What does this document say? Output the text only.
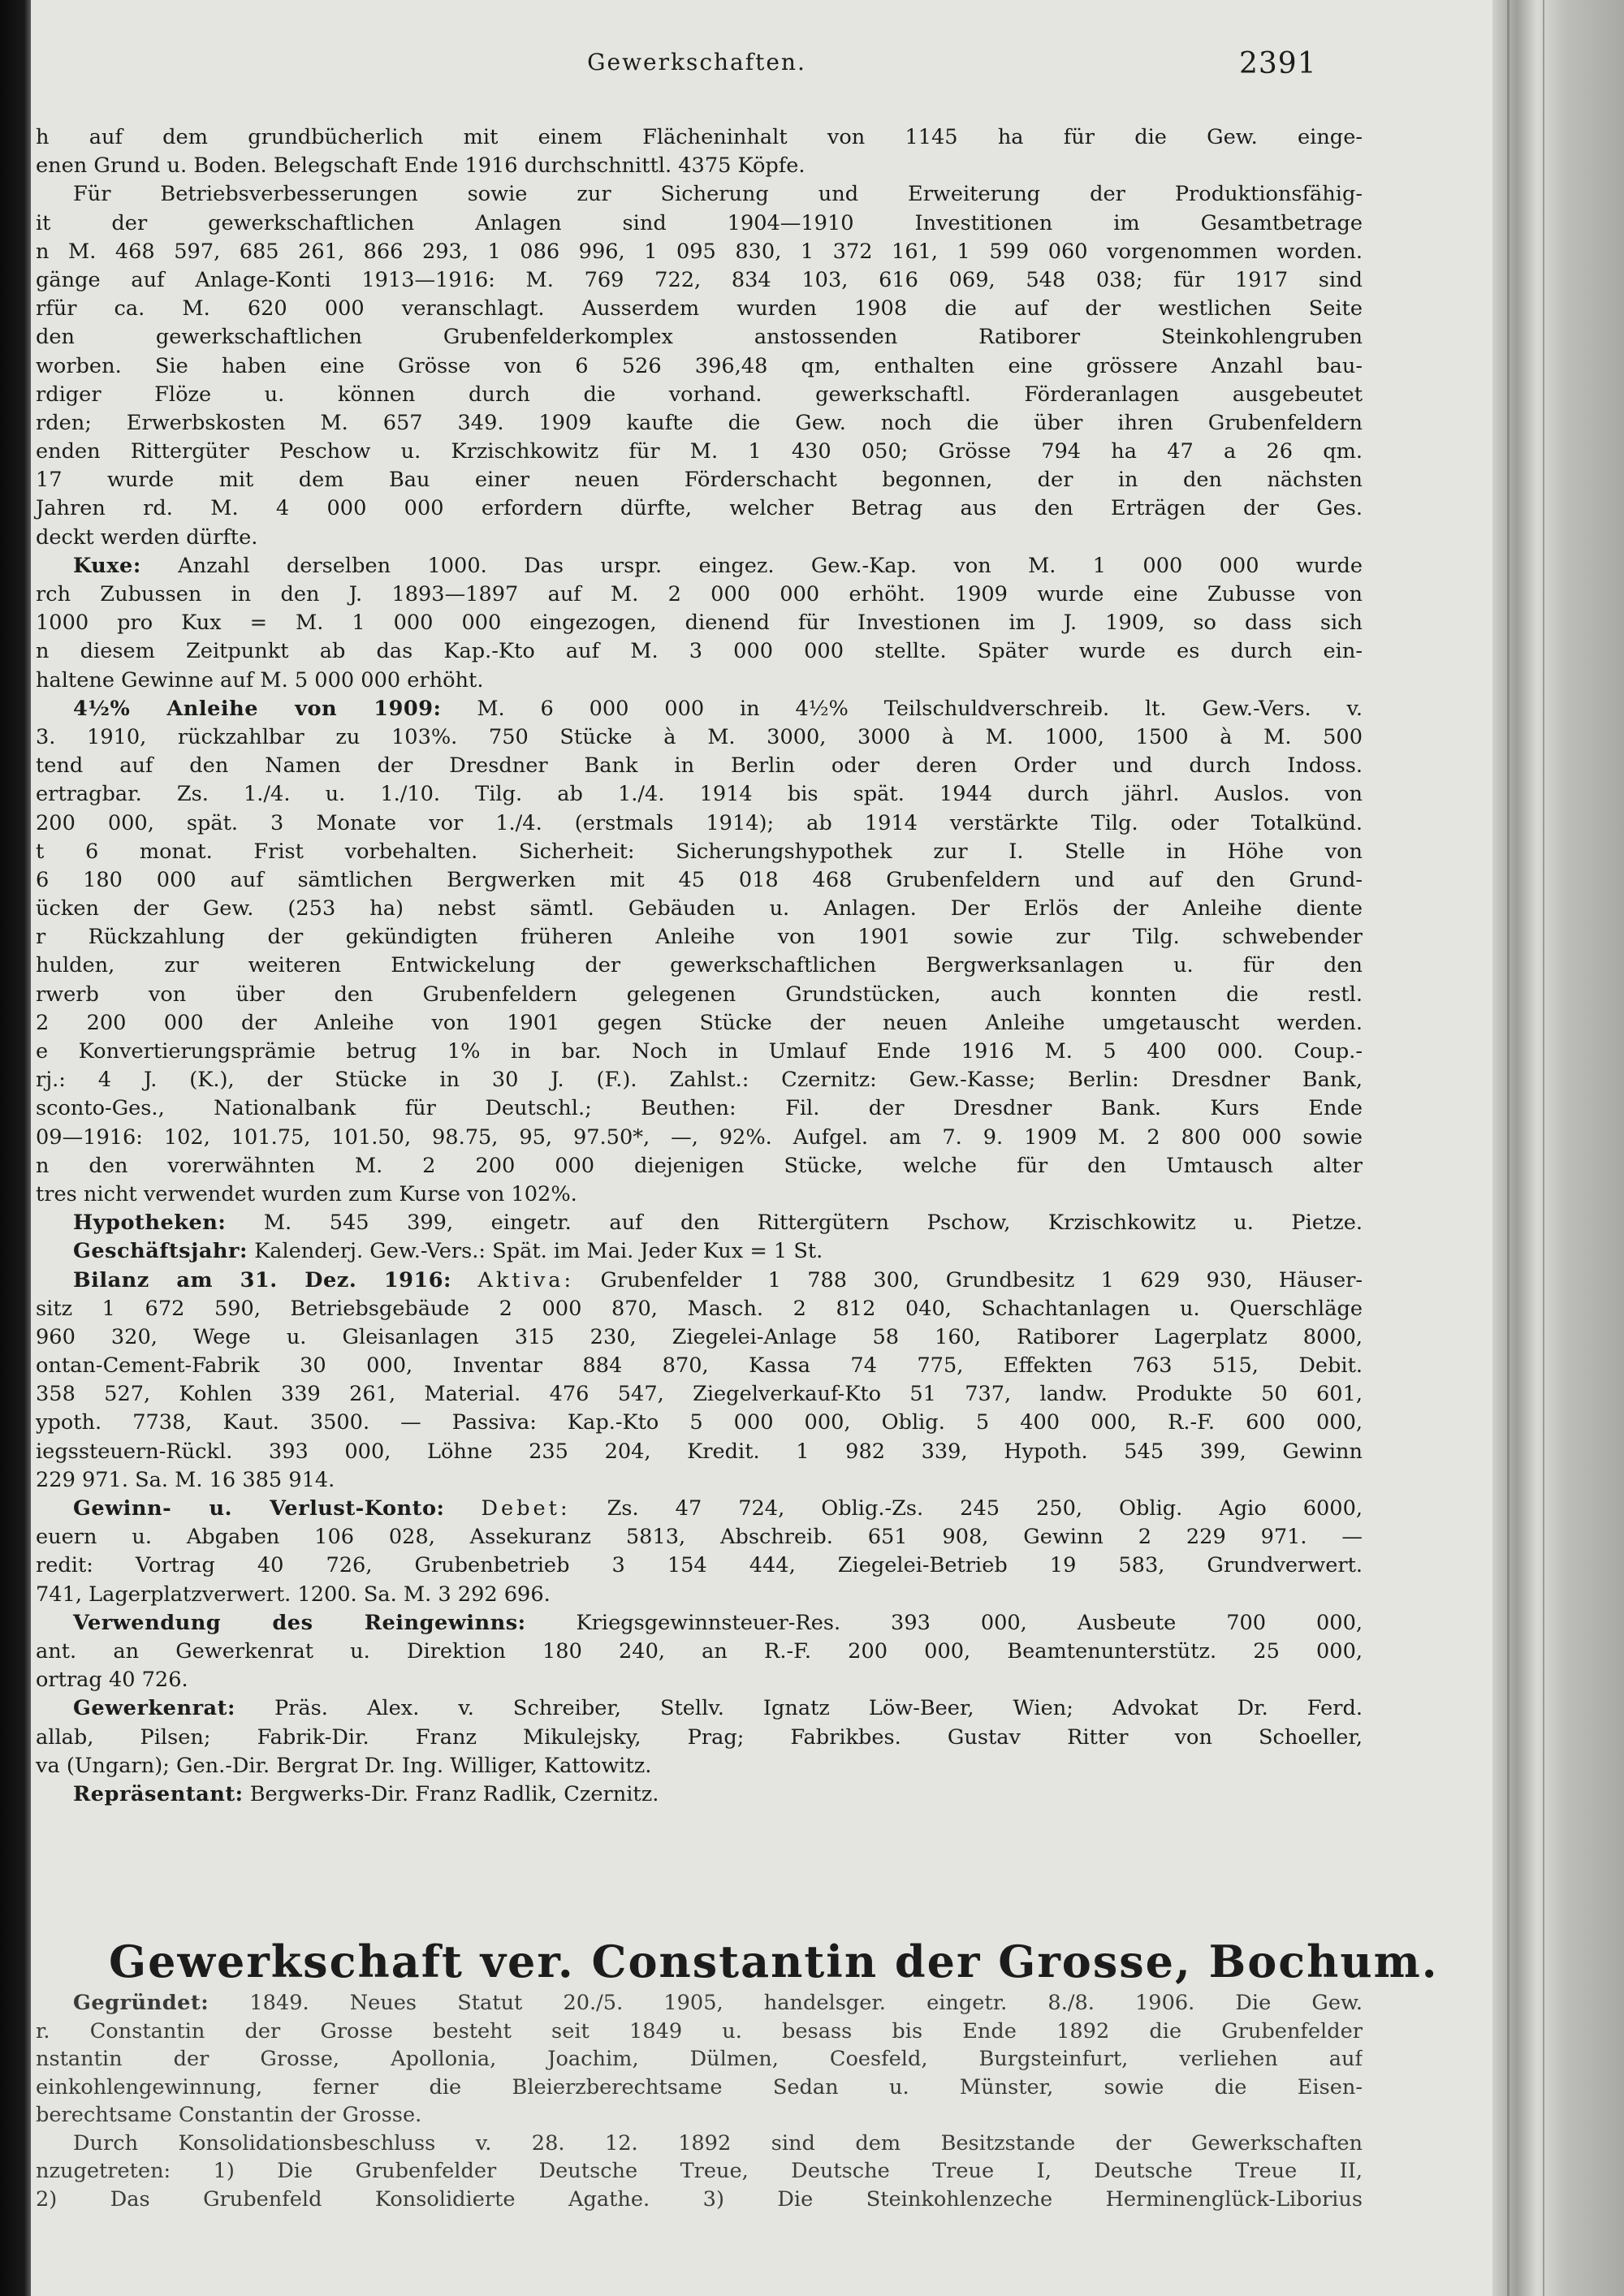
Gewerkschaften.	2391
h auf dem grundbücherlich mit einem Flächeninhalt von 1145 ha für die Gew. einge-
enen Grund u. Boden. Belegschaft Ende 1916 durchschnittl. 4375 Köpfe.
Für Betriebsverbesserungen sowie zur Sicherung und Erweiterung der Produktionsfähig-
it der gewerkschaftlichen Anlagen sind 1904—1910 Investitionen im Gesamtbetrage
n M. 468 597, 685 261, 866 293, 1 086 996, 1 095 830, 1 372 161, 1 599 060 vorgenommen worden.
gänge auf Anlage-Konti 1913—1916: M. 769 722, 834 103, 616 069, 548 038; für 1917 sind
rfür ca. M. 620 000 veranschlagt. Ausserdem wurden 1908 die auf der westlichen Seite
den gewerkschaftlichen Grubenfelderkomplex anstossenden Ratiborer Steinkohlengruben
worben. Sie haben eine Grösse von 6 526 396,48 qm, enthalten eine grössere Anzahl bau-
rdiger Flöze u. können durch die vorhand. gewerkschaftl. Förderanlagen ausgebeutet
rden; Erwerbskosten M. 657 349. 1909 kaufte die Gew. noch die über ihren Grubenfeldern
enden Rittergüter Peschow u. Krzischkowitz für M. 1 430 050; Grösse 794 ha 47 a 26 qm.
17 wurde mit dem Bau einer neuen Förderschacht begonnen, der in den nächsten
Jahren rd. M. 4 000 000 erfordern dürfte, welcher Betrag aus den Erträgen der Ges.
deckt werden dürfte.
Kuxe: Anzahl derselben 1000. Das urspr. eingez. Gew.-Kap. von M. 1 000 000 wurde
rch Zubussen in den J. 1893—1897 auf M. 2 000 000 erhöht. 1909 wurde eine Zubusse von
1000 pro Kux = M. 1 000 000 eingezogen, dienend für Investionen im J. 1909, so dass sich
n diesem Zeitpunkt ab das Kap.-Kto auf M. 3 000 000 stellte. Später wurde es durch ein-
haltene Gewinne auf M. 5 000 000 erhöht.
4½% Anleihe von 1909: M. 6 000 000 in 4½% Teilschuldverschreib. lt. Gew.-Vers. v.
3. 1910, rückzahlbar zu 103%. 750 Stücke à M. 3000, 3000 à M. 1000, 1500 à M. 500
tend auf den Namen der Dresdner Bank in Berlin oder deren Order und durch Indoss.
ertragbar. Zs. 1./4. u. 1./10. Tilg. ab 1./4. 1914 bis spät. 1944 durch jährl. Auslos. von
200 000, spät. 3 Monate vor 1./4. (erstmals 1914); ab 1914 verstärkte Tilg. oder Totalkünd.
t 6 monat. Frist vorbehalten. Sicherheit: Sicherungshypothek zur I. Stelle in Höhe von
6 180 000 auf sämtlichen Bergwerken mit 45 018 468 Grubenfeldern und auf den Grund-
ücken der Gew. (253 ha) nebst sämtl. Gebäuden u. Anlagen. Der Erlös der Anleihe diente
r Rückzahlung der gekündigten früheren Anleihe von 1901 sowie zur Tilg. schwebender
hulden, zur weiteren Entwickelung der gewerkschaftlichen Bergwerksanlagen u. für den
rwerb von über den Grubenfeldern gelegenen Grundstücken, auch konnten die restl.
2 200 000 der Anleihe von 1901 gegen Stücke der neuen Anleihe umgetauscht werden.
e Konvertierungsprämie betrug 1% in bar. Noch in Umlauf Ende 1916 M. 5 400 000. Coup.-
rj.: 4 J. (K.), der Stücke in 30 J. (F.). Zahlst.: Czernitz: Gew.-Kasse; Berlin: Dresdner Bank,
sconto-Ges., Nationalbank für Deutschl.; Beuthen: Fil. der Dresdner Bank. Kurs Ende
09—1916: 102, 101.75, 101.50, 98.75, 95, 97.50*, —, 92%. Aufgel. am 7. 9. 1909 M. 2 800 000 sowie
n den vorerwähnten M. 2 200 000 diejenigen Stücke, welche für den Umtausch alter
tres nicht verwendet wurden zum Kurse von 102%.
Hypotheken: M. 545 399, eingetr. auf den Rittergütern Pschow, Krzischkowitz u. Pietze.
Geschäftsjahr: Kalenderj. Gew.-Vers.: Spät. im Mai. Jeder Kux = 1 St.
Bilanz am 31. Dez. 1916: Aktiva: Grubenfelder 1 788 300, Grundbesitz 1 629 930, Häuser-
sitz 1 672 590, Betriebsgebäude 2 000 870, Masch. 2 812 040, Schachtanlagen u. Querschläge
960 320, Wege u. Gleisanlagen 315 230, Ziegelei-Anlage 58 160, Ratiborer Lagerplatz 8000,
ontan-Cement-Fabrik 30 000, Inventar 884 870, Kassa 74 775, Effekten 763 515, Debit.
358 527, Kohlen 339 261, Material. 476 547, Ziegelverkauf-Kto 51 737, landw. Produkte 50 601,
ypoth. 7738, Kaut. 3500. — Passiva: Kap.-Kto 5 000 000, Oblig. 5 400 000, R.-F. 600 000,
iegssteuern-Rückl. 393 000, Löhne 235 204, Kredit. 1 982 339, Hypoth. 545 399, Gewinn
229 971. Sa. M. 16 385 914.
Gewinn- u. Verlust-Konto: Debet: Zs. 47 724, Oblig.-Zs. 245 250, Oblig. Agio 6000,
euern u. Abgaben 106 028, Assekuranz 5813, Abschreib. 651 908, Gewinn 2 229 971. —
redit: Vortrag 40 726, Grubenbetrieb 3 154 444, Ziegelei-Betrieb 19 583, Grundverwert.
741, Lagerplatzverwert. 1200. Sa. M. 3 292 696.
Verwendung des Reingewinns: Kriegsgewinnsteuer-Res. 393 000, Ausbeute 700 000,
ant. an Gewerkenrat u. Direktion 180 240, an R.-F. 200 000, Beamtenunterstütz. 25 000,
ortrag 40 726.
Gewerkenrat: Präs. Alex. v. Schreiber, Stellv. Ignatz Löw-Beer, Wien; Advokat Dr. Ferd.
allab, Pilsen; Fabrik-Dir. Franz Mikulejsky, Prag; Fabrikbes. Gustav Ritter von Schoeller,
va (Ungarn); Gen.-Dir. Bergrat Dr. Ing. Williger, Kattowitz.
Repräsentant: Bergwerks-Dir. Franz Radlik, Czernitz.
Gewerkschaft ver. Constantin der Grosse, Bochum.
Gegründet: 1849. Neues Statut 20./5. 1905, handelsger. eingetr. 8./8. 1906. Die Gew.
r. Constantin der Grosse besteht seit 1849 u. besass bis Ende 1892 die Grubenfelder
nstantin der Grosse, Apollonia, Joachim, Dülmen, Coesfeld, Burgsteinfurt, verliehen auf
einkohlengewinnung, ferner die Bleierzberechtsame Sedan u. Münster, sowie die Eisen-
berechtsame Constantin der Grosse.
Durch Konsolidationsbeschluss v. 28. 12. 1892 sind dem Besitzstande der Gewerkschaften
nzugetreten: 1) Die Grubenfelder Deutsche Treue, Deutsche Treue I, Deutsche Treue II,
2) Das Grubenfeld Konsolidierte Agathe. 3) Die Steinkohlenzeche Herminenglück-Liborius
